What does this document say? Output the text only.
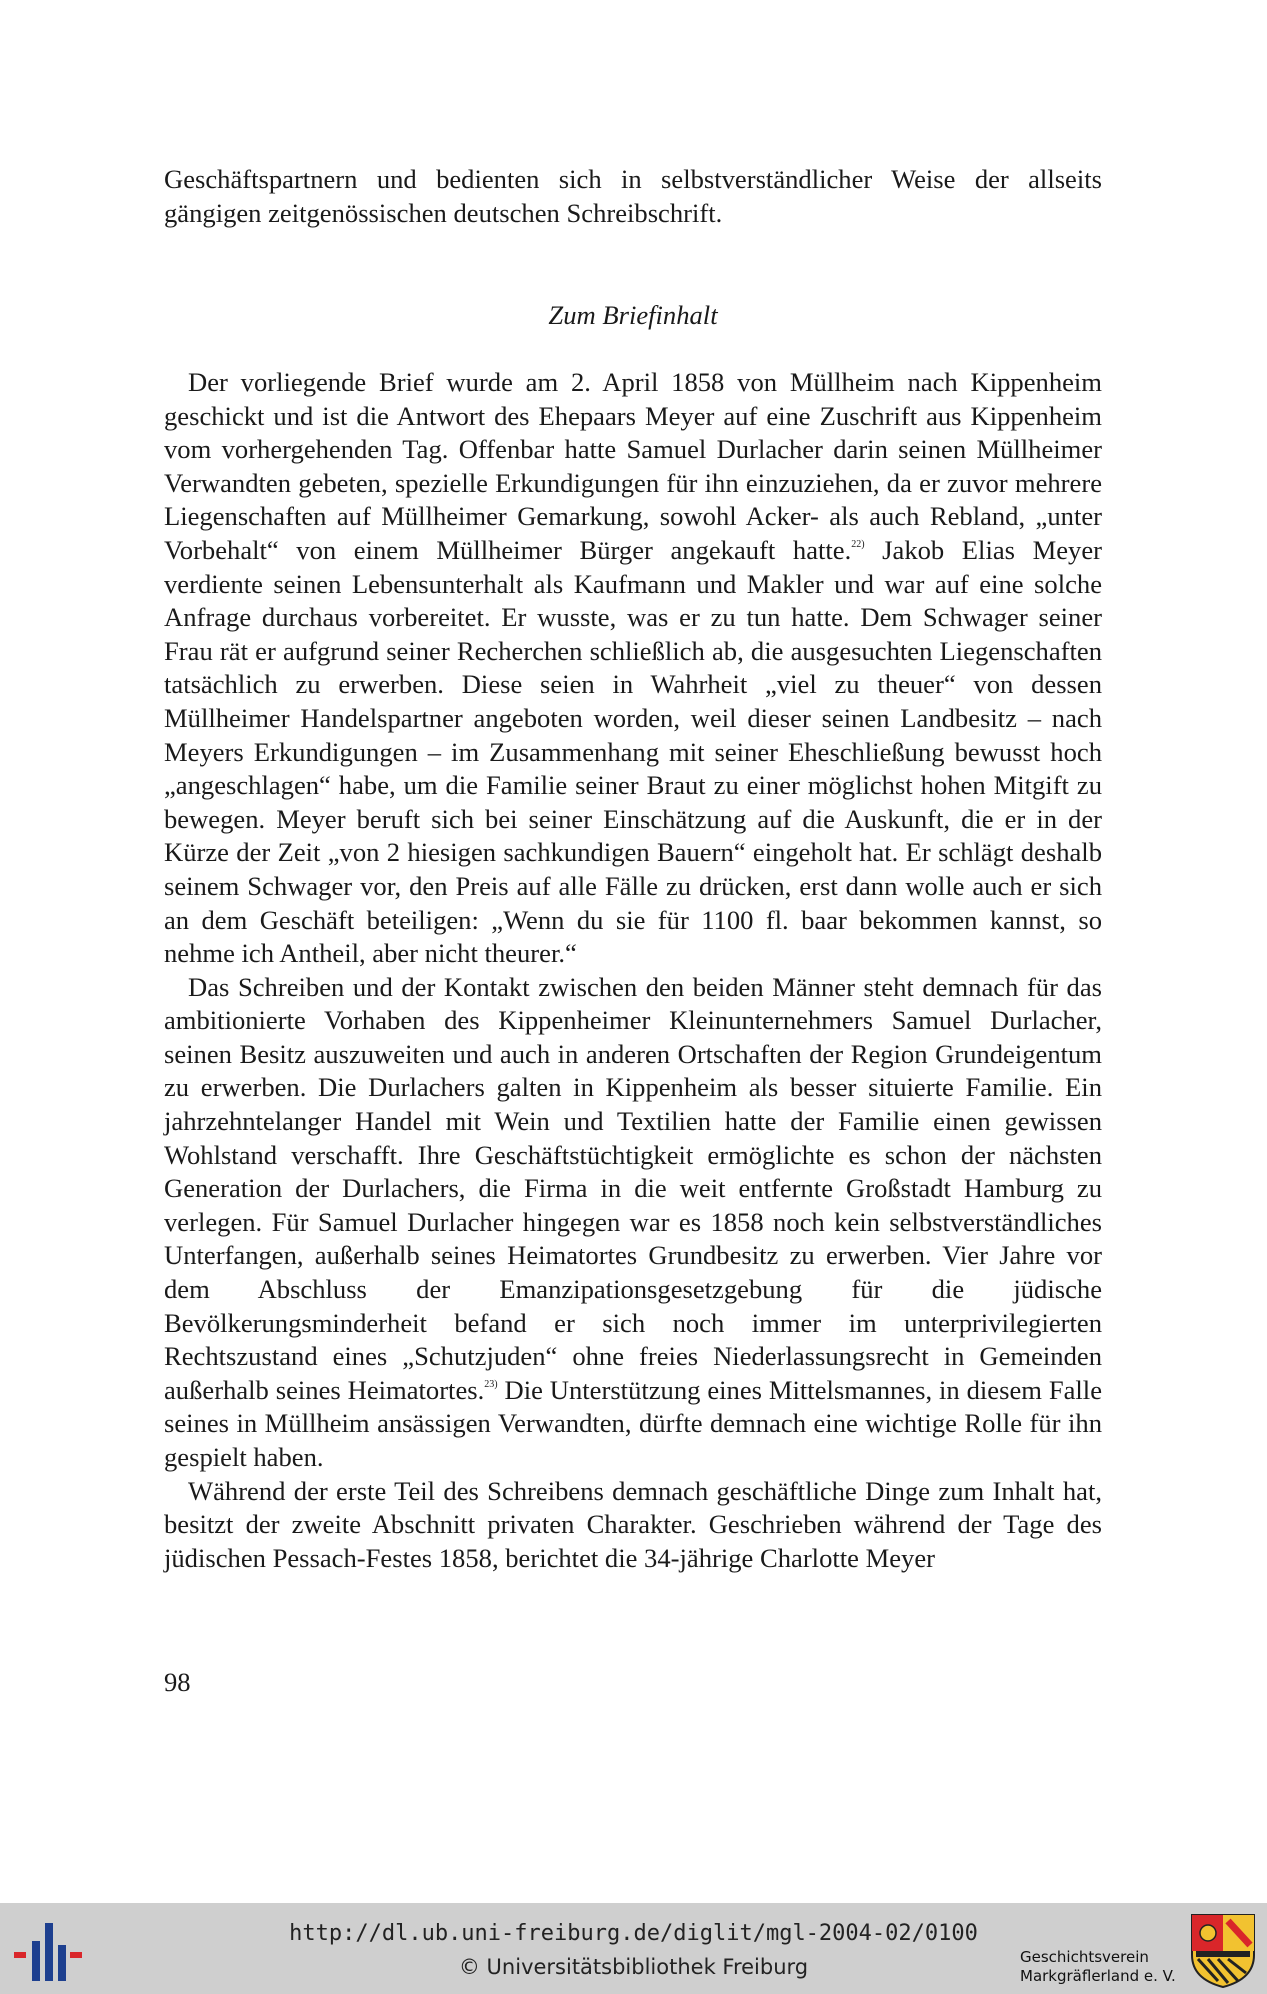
Geschäftspartnern und bedienten sich in selbstverständlicher Weise der allseits gängigen zeitgenössischen deutschen Schreibschrift.

Zum Briefinhalt

Der vorliegende Brief wurde am 2. April 1858 von Müllheim nach Kippenheim geschickt und ist die Antwort des Ehepaars Meyer auf eine Zuschrift aus Kippenheim vom vorhergehenden Tag. Offenbar hatte Samuel Durlacher darin seinen Müllheimer Verwandten gebeten, spezielle Erkundigungen für ihn einzuziehen, da er zuvor mehrere Liegenschaften auf Müllheimer Gemarkung, sowohl Acker- als auch Rebland, „unter Vorbehalt“ von einem Müllheimer Bürger angekauft hatte.$^{22)}$ Jakob Elias Meyer verdiente seinen Lebensunterhalt als Kaufmann und Makler und war auf eine solche Anfrage durchaus vorbereitet. Er wusste, was er zu tun hatte. Dem Schwager seiner Frau rät er aufgrund seiner Recherchen schließlich ab, die ausgesuchten Liegenschaften tatsächlich zu erwerben. Diese seien in Wahrheit „viel zu theuer“ von dessen Müllheimer Handelspartner angeboten worden, weil dieser seinen Landbesitz – nach Meyers Erkundigungen – im Zusammenhang mit seiner Eheschließung bewusst hoch „angeschlagen“ habe, um die Familie seiner Braut zu einer möglichst hohen Mitgift zu bewegen. Meyer beruft sich bei seiner Einschätzung auf die Auskunft, die er in der Kürze der Zeit „von 2 hiesigen sachkundigen Bauern“ eingeholt hat. Er schlägt deshalb seinem Schwager vor, den Preis auf alle Fälle zu drücken, erst dann wolle auch er sich an dem Geschäft beteiligen: „Wenn du sie für 1100 fl. baar bekommen kannst, so nehme ich Antheil, aber nicht theurer.“

Das Schreiben und der Kontakt zwischen den beiden Männer steht demnach für das ambitionierte Vorhaben des Kippenheimer Kleinunternehmers Samuel Durlacher, seinen Besitz auszuweiten und auch in anderen Ortschaften der Region Grundeigentum zu erwerben. Die Durlachers galten in Kippenheim als besser situierte Familie. Ein jahrzehntelanger Handel mit Wein und Textilien hatte der Familie einen gewissen Wohlstand verschafft. Ihre Geschäftstüchtigkeit ermöglichte es schon der nächsten Generation der Durlachers, die Firma in die weit entfernte Großstadt Hamburg zu verlegen. Für Samuel Durlacher hingegen war es 1858 noch kein selbstverständliches Unterfangen, außerhalb seines Heimatortes Grundbesitz zu erwerben. Vier Jahre vor dem Abschluss der Emanzipationsgesetzgebung für die jüdische Bevölkerungsminderheit befand er sich noch immer im unterprivilegierten Rechtszustand eines „Schutzjuden“ ohne freies Niederlassungsrecht in Gemeinden außerhalb seines Heimatortes.$^{23)}$ Die Unterstützung eines Mittelsmannes, in diesem Falle seines in Müllheim ansässigen Verwandten, dürfte demnach eine wichtige Rolle für ihn gespielt haben.

Während der erste Teil des Schreibens demnach geschäftliche Dinge zum Inhalt hat, besitzt der zweite Abschnitt privaten Charakter. Geschrieben während der Tage des jüdischen Pessach-Festes 1858, berichtet die 34-jährige Charlotte Meyer

98
http://dl.ub.uni-freiburg.de/diglit/mgl-2004-02/0100
© Universitätsbibliothek Freiburg	Geschichtsverein
Markgräflerland e. V.
